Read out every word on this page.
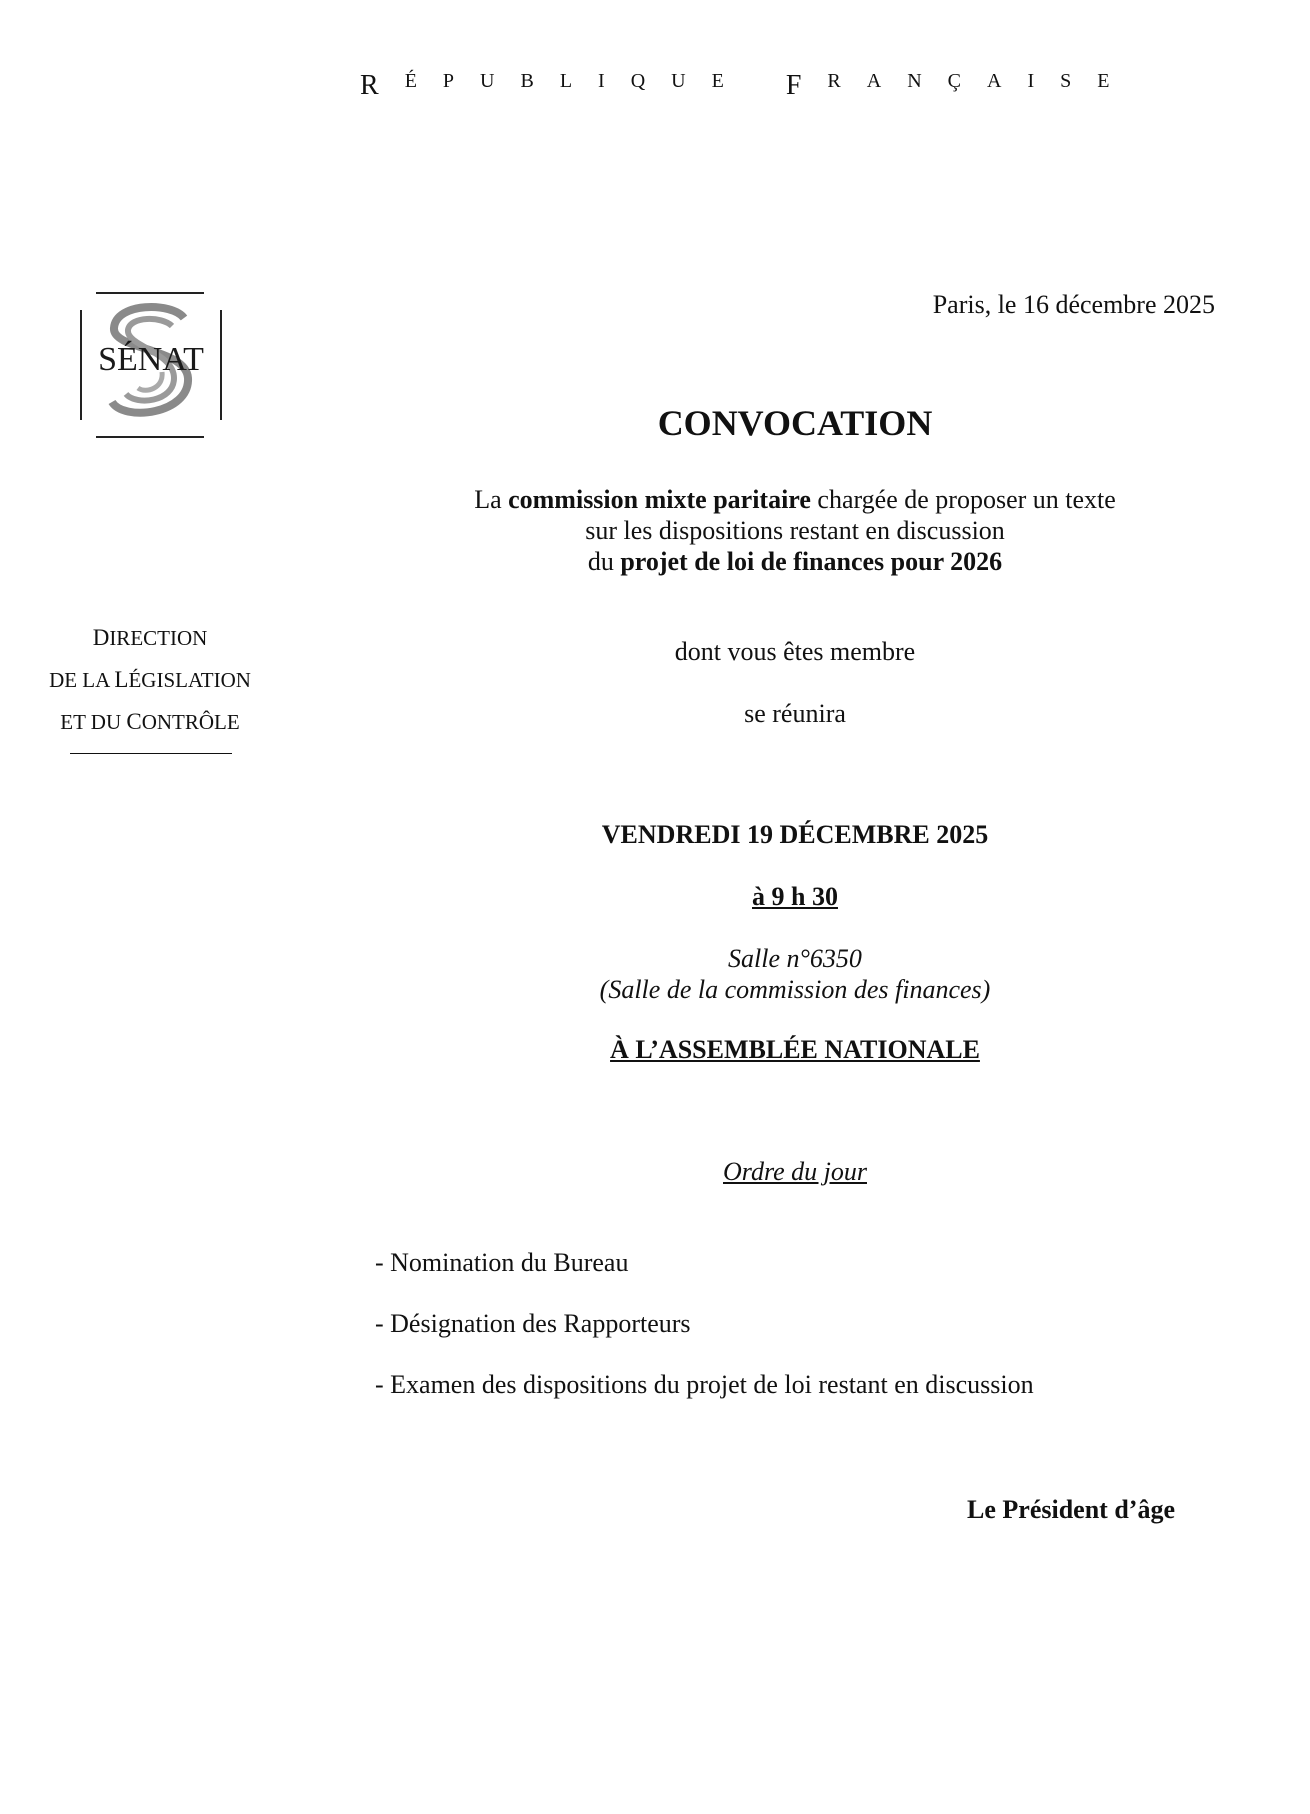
R É P U B L I Q U E F R A N Ç A I S E
SÉNAT
DIRECTION
DE LA LÉGISLATION
ET DU CONTRÔLE
Paris, le 16 décembre 2025
CONVOCATION
La commission mixte paritaire chargée de proposer un texte
sur les dispositions restant en discussion
du projet de loi de finances pour 2026
dont vous êtes membre
se réunira
VENDREDI 19 DÉCEMBRE 2025
à 9 h 30
Salle n°6350
(Salle de la commission des finances)
À L’ASSEMBLÉE NATIONALE
Ordre du jour
- Nomination du Bureau
- Désignation des Rapporteurs
- Examen des dispositions du projet de loi restant en discussion
Le Président d’âge
